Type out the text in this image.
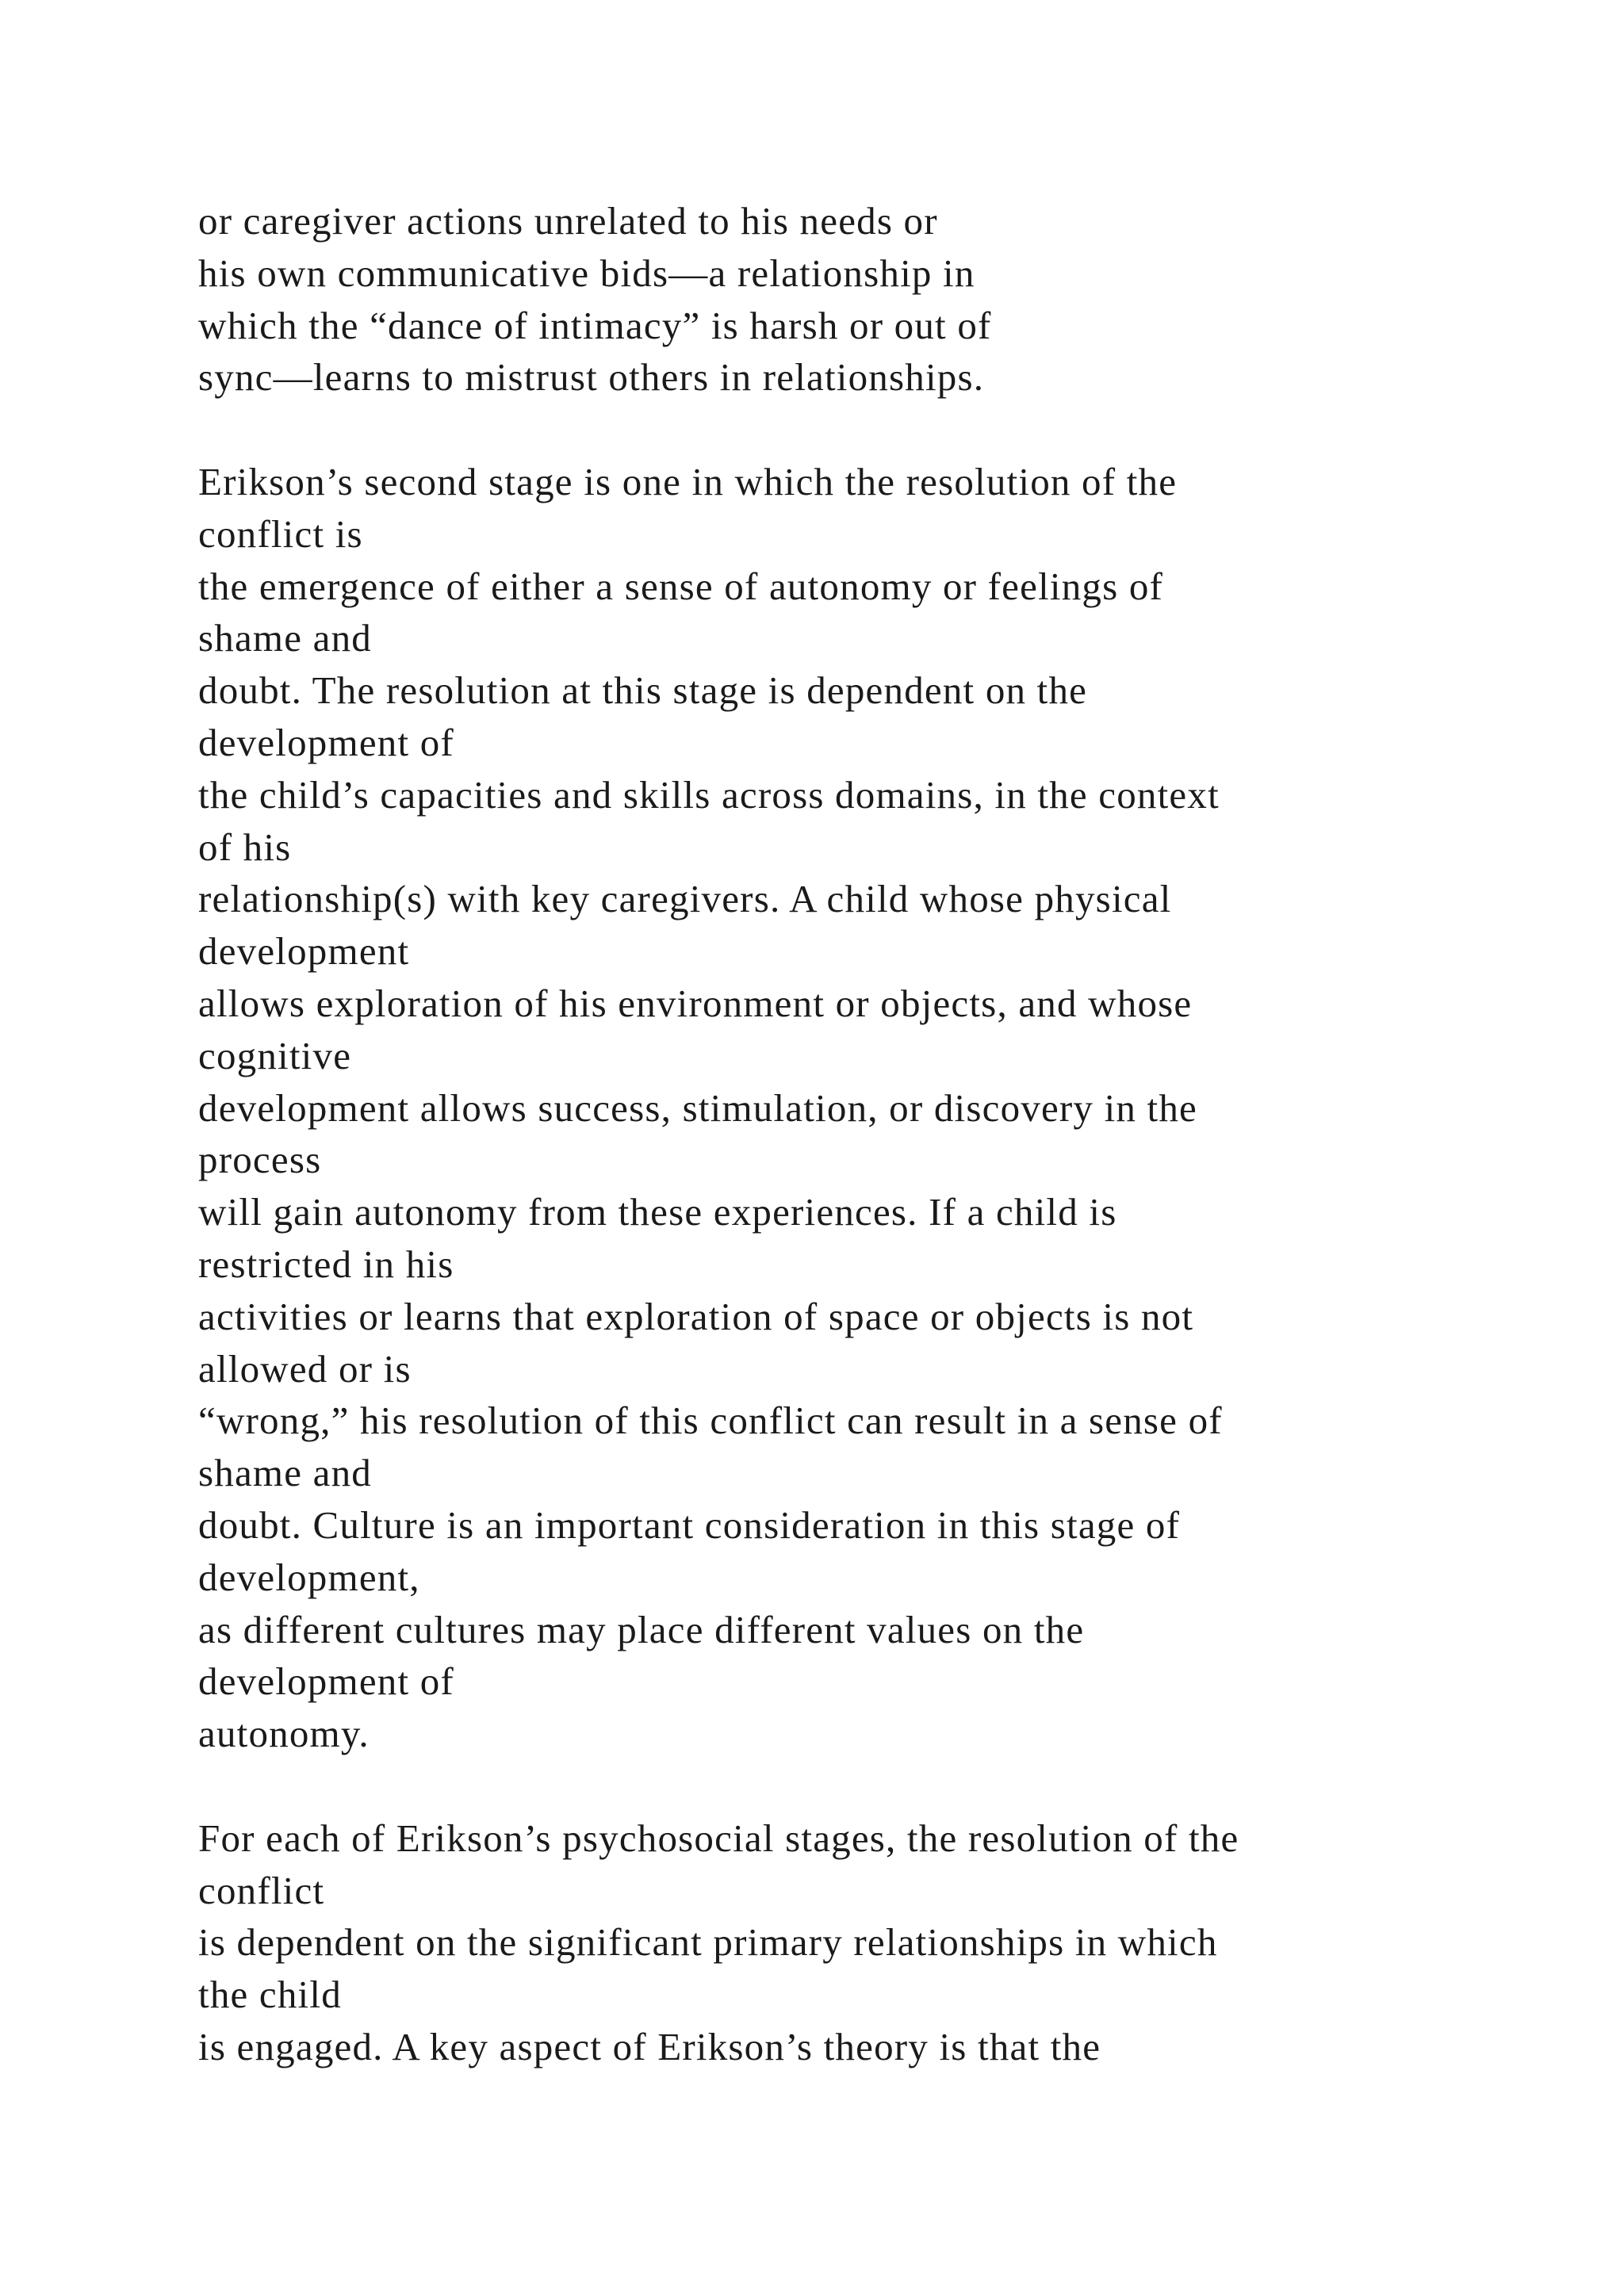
or caregiver actions unrelated to his needs or
his own communicative bids—a relationship in
which the “dance of intimacy” is harsh or out of
sync—learns to mistrust others in relationships.
Erikson’s second stage is one in which the resolution of the
conflict is
the emergence of either a sense of autonomy or feelings of
shame and
doubt. The resolution at this stage is dependent on the
development of
the child’s capacities and skills across domains, in the context
of his
relationship(s) with key caregivers. A child whose physical
development
allows exploration of his environment or objects, and whose
cognitive
development allows success, stimulation, or discovery in the
process
will gain autonomy from these experiences. If a child is
restricted in his
activities or learns that exploration of space or objects is not
allowed or is
“wrong,” his resolution of this conflict can result in a sense of
shame and
doubt. Culture is an important consideration in this stage of
development,
as different cultures may place different values on the
development of
autonomy.
For each of Erikson’s psychosocial stages, the resolution of the
conflict
is dependent on the significant primary relationships in which
the child
is engaged. A key aspect of Erikson’s theory is that the
